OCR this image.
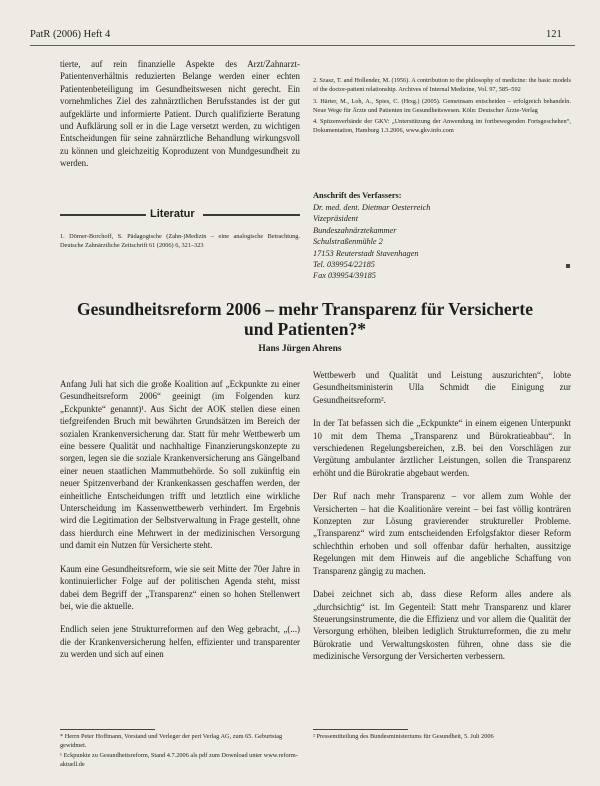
PatR (2006) Heft 4	121

tierte, auf rein finanzielle Aspekte des Arzt/Zahnarzt-Patientenverhältnis reduzierten Belange werden einer echten Patientenbeteiligung im Gesundheitswesen nicht gerecht. Ein vornehmliches Ziel des zahnärztlichen Berufsstandes ist der gut aufgeklärte und informierte Patient. Durch qualifizierte Beratung und Aufklärung soll er in die Lage versetzt werden, zu wichtigen Entscheidungen für seine zahnärztliche Behandlung wirkungsvoll zu können und gleichzeitig Koproduzent von Mundgesundheit zu werden.

Literatur

1. Dörner-Borchoff, S. Pädagogische (Zahn-)Medizin – eine analogische Betrachtung. Deutsche Zahnärztliche Zeitschrift 61 (2006) 6, 321–323

2. Szasz, T. and Hollender, M. (1956). A contribution to the philosophy of medicine: the basic models of the doctor-patient relationship. Archives of Internal Medicine, Vol. 97, 585–592

3. Härter, M., Loh, A., Spies, C. (Hrsg.) (2005). Gemeinsam entscheiden – erfolgreich behandeln. Neue Wege für Ärzte und Patienten im Gesundheitswesen. Köln: Deutscher Ärzte-Verlag

4. Spitzenverbände der GKV: „Unterstützung der Anwendung im fortbewegenden Fortsgeschehen“, Dokumentation, Hamburg 1.3.2006, www.gkv.info.com

Anschrift des Verfassers:
Dr. med. dent. Dietmar Oesterreich
Vizepräsident
Bundeszahnärztekammer
Schulstraßenmühle 2
17153 Reuterstadt Stavenhagen
Tel. 039954/22185
Fax 039954/39185
Gesundheitsreform 2006 – mehr Transparenz für Versicherte
und Patienten?*
Hans Jürgen Ahrens

Anfang Juli hat sich die große Koalition auf „Eckpunkte zu einer Gesundheitsreform 2006“ geeinigt (im Folgenden kurz „Eckpunkte“ genannt)¹. Aus Sicht der AOK stellen diese einen tiefgreifenden Bruch mit bewährten Grundsätzen im Bereich der sozialen Krankenversicherung dar. Statt für mehr Wettbewerb um eine bessere Qualität und nachhaltige Finanzierungskonzepte zu sorgen, legen sie die soziale Krankenversicherung ans Gängelband einer neuen staatlichen Mammutbehörde. So soll zukünftig ein neuer Spitzenverband der Krankenkassen geschaffen werden, der einheitliche Entscheidungen trifft und letztlich eine wirkliche Unterscheidung im Kassenwettbewerb verhindert. Im Ergebnis wird die Legitimation der Selbstverwaltung in Frage gestellt, ohne dass hierdurch eine Mehrwert in der medizinischen Versorgung und damit ein Nutzen für Versicherte steht.

Kaum eine Gesundheitsreform, wie sie seit Mitte der 70er Jahre in kontinuierlicher Folge auf der politischen Agenda steht, misst dabei dem Begriff der „Transparenz“ einen so hohen Stellenwert bei, wie die aktuelle.

Endlich seien jene Strukturreformen auf den Weg gebracht, „(...) die der Krankenversicherung helfen, effizienter und transparenter zu werden und sich auf einen

Wettbewerb und Qualität und Leistung auszurichten“, lobte Gesundheitsministerin Ulla Schmidt die Einigung zur Gesundheitsreform².

In der Tat befassen sich die „Eckpunkte“ in einem eigenen Unterpunkt 10 mit dem Thema „Transparenz und Bürokratieabbau“. In verschiedenen Regelungsbereichen, z.B. bei den Vorschlägen zur Vergütung ambulanter ärztlicher Leistungen, sollen die Transparenz erhöht und die Bürokratie abgebaut werden.

Der Ruf nach mehr Transparenz – vor allem zum Wohle der Versicherten – hat die Koalitionäre vereint – bei fast völlig konträren Konzepten zur Lösung gravierender struktureller Probleme. „Transparenz“ wird zum entscheidenden Erfolgsfaktor dieser Reform schlechthin erhoben und soll offenbar dafür herhalten, aussitzige Regelungen mit dem Hinweis auf die angebliche Schaffung von Transparenz gängig zu machen.

Dabei zeichnet sich ab, dass diese Reform alles andere als „durchsichtig“ ist. Im Gegenteil: Statt mehr Transparenz und klarer Steuerungsinstrumente, die die Effizienz und vor allem die Qualität der Versorgung erhöhen, bleiben lediglich Strukturreformen, die zu mehr Bürokratie und Verwaltungskosten führen, ohne dass sie die medizinische Versorgung der Versicherten verbessern.

* Herrn Peter Hoffmann, Vorstand und Verleger der peri Verlag AG, zum 65. Geburtstag gewidmet.

¹ Eckpunkte zu Gesundheitsreform, Stand 4.7.2006 als pdf zum Download unter www.reform-aktuell.de

² Pressemitteilung des Bundesministeriums für Gesundheit, 5. Juli 2006
